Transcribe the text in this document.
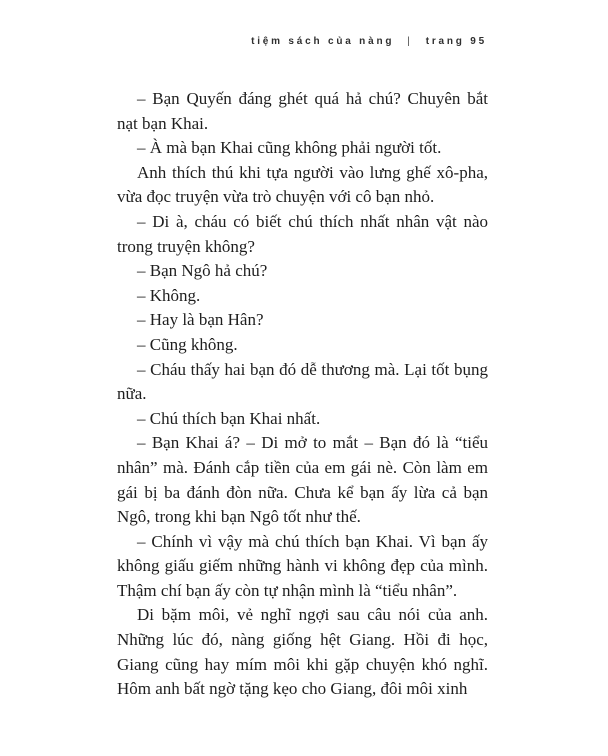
tiệm sách của nàng | trang 95

– Bạn Quyến đáng ghét quá hả chú? Chuyên bắt nạt bạn Khai.

– À mà bạn Khai cũng không phải người tốt.

Anh thích thú khi tựa người vào lưng ghế xô-pha, vừa đọc truyện vừa trò chuyện với cô bạn nhỏ.

– Di à, cháu có biết chú thích nhất nhân vật nào trong truyện không?

– Bạn Ngô hả chú?

– Không.

– Hay là bạn Hân?

– Cũng không.

– Cháu thấy hai bạn đó dễ thương mà. Lại tốt bụng nữa.

– Chú thích bạn Khai nhất.

– Bạn Khai á? – Di mở to mắt – Bạn đó là “tiểu nhân” mà. Đánh cắp tiền của em gái nè. Còn làm em gái bị ba đánh đòn nữa. Chưa kể bạn ấy lừa cả bạn Ngô, trong khi bạn Ngô tốt như thế.

– Chính vì vậy mà chú thích bạn Khai. Vì bạn ấy không giấu giếm những hành vi không đẹp của mình. Thậm chí bạn ấy còn tự nhận mình là “tiểu nhân”.

Di bặm môi, vẻ nghĩ ngợi sau câu nói của anh. Những lúc đó, nàng giống hệt Giang. Hồi đi học, Giang cũng hay mím môi khi gặp chuyện khó nghĩ. Hôm anh bất ngờ tặng kẹo cho Giang, đôi môi xinh
